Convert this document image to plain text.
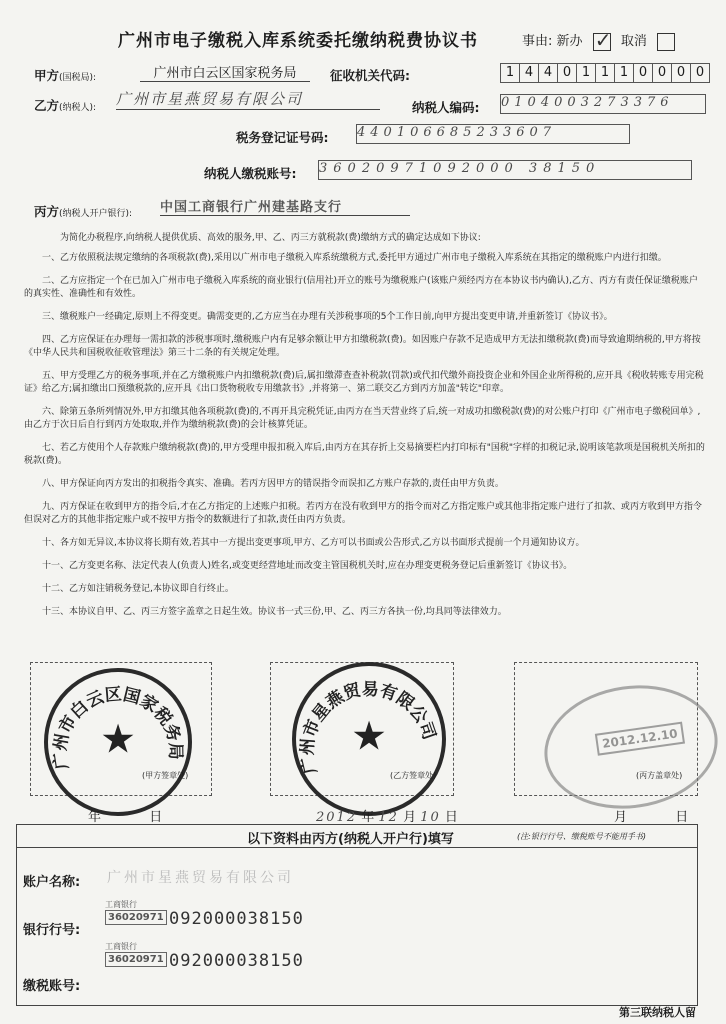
广州市电子缴税入库系统委托缴纳税费协议书	事由: 新办 ✓ 取消
甲方(国税局):	广州市白云区国家税务局	征收机关代码:	1 4 4 0 1 1 1 0 0 0 0
乙方(纳税人): 广州市星燕贸易有限公司	纳税人编码: 0104003273376
税务登记证号码: 440106685233607
纳税人缴税账号: 36020971092000 38150
丙方(纳税人开户银行): 中国工商银行广州建基路支行

为简化办税程序,向纳税人提供优质、高效的服务,甲、乙、丙三方就税款(费)缴纳方式的确定达成如下协议:

一、乙方依照税法规定缴纳的各项税款(费),采用以广州市电子缴税入库系统缴税方式,委托甲方通过广州市电子缴税入库系统在其指定的缴税账户内进行扣缴。

二、乙方应指定一个在已加入广州市电子缴税入库系统的商业银行(信用社)开立的账号为缴税账户(该账户须经丙方在本协议书内确认),乙方、丙方有责任保证缴税账户的真实性、准确性和有效性。

三、缴税账户一经确定,原则上不得变更。确需变更的,乙方应当在办理有关涉税事项的5个工作日前,向甲方提出变更申请,并重新签订《协议书》。

四、乙方应保证在办理每一需扣款的涉税事项时,缴税账户内有足够余额让甲方扣缴税款(费)。如因账户存款不足造成甲方无法扣缴税款(费)而导致逾期纳税的,甲方将按《中华人民共和国税收征收管理法》第三十二条的有关规定处理。

五、甲方受理乙方的税务事项,并在乙方缴税账户内扣缴税款(费)后,属扣缴滞查查补税款(罚款)或代扣代缴外商投资企业和外国企业所得税的,应开具《税收转账专用完税证》给乙方;属扣缴出口预缴税款的,应开具《出口货物税收专用缴款书》,并将第一、第二联交乙方到丙方加盖"转讫"印章。

六、除第五条所列情况外,甲方扣缴其他各项税款(费)的,不再开具完税凭证,由丙方在当天营业终了后,统一对成功扣缴税款(费)的对公账户打印《广州市电子缴税回单》,由乙方于次日后自行到丙方处取取,并作为缴纳税款(费)的会计核算凭证。

七、若乙方使用个人存款账户缴纳税款(费)的,甲方受理申报扣税入库后,由丙方在其存折上交易摘要栏内打印标有"国税"字样的扣税记录,说明该笔款项是国税机关所扣的税款(费)。

八、甲方保证向丙方发出的扣税指令真实、准确。若丙方因甲方的错误指令而误扣乙方账户存款的,责任由甲方负责。

九、丙方保证在收到甲方的指令后,才在乙方指定的上述账户扣税。若丙方在没有收到甲方的指令而对乙方指定账户或其他非指定账户进行了扣款、或丙方收到甲方指令但误对乙方的其他非指定账户或不按甲方指令的数额进行了扣款,责任由丙方负责。

十、各方如无异议,本协议将长期有效,若其中一方提出变更事项,甲方、乙方可以书面或公告形式,乙方以书面形式提前一个月通知协议方。

十一、乙方变更名称、法定代表人(负责人)姓名,或变更经营地址而改变主管国税机关时,应在办理变更税务登记后重新签订《协议书》。

十二、乙方如注销税务登记,本协议即自行终止。

十三、本协议自甲、乙、丙三方签字盖章之日起生效。协议书一式三份,甲、乙、丙三方各执一份,均具同等法律效力。

广州市白云区国家税务局
★
(甲方签章处)	广州市星燕贸易有限公司
★
(乙方签章处)
2012.12.10
(丙方盖章处)
年	日	2012 年 12 月 10 日	月	日
以下资料由丙方(纳税人开户行)填写	(注:银行行号、缴税账号不能用手书)
账户名称: 广州市星燕贸易有限公司
银行行号:
工商银行
36020971 092000038150
缴税账号:
工商银行
36020971 092000038150
第三联纳税人留
